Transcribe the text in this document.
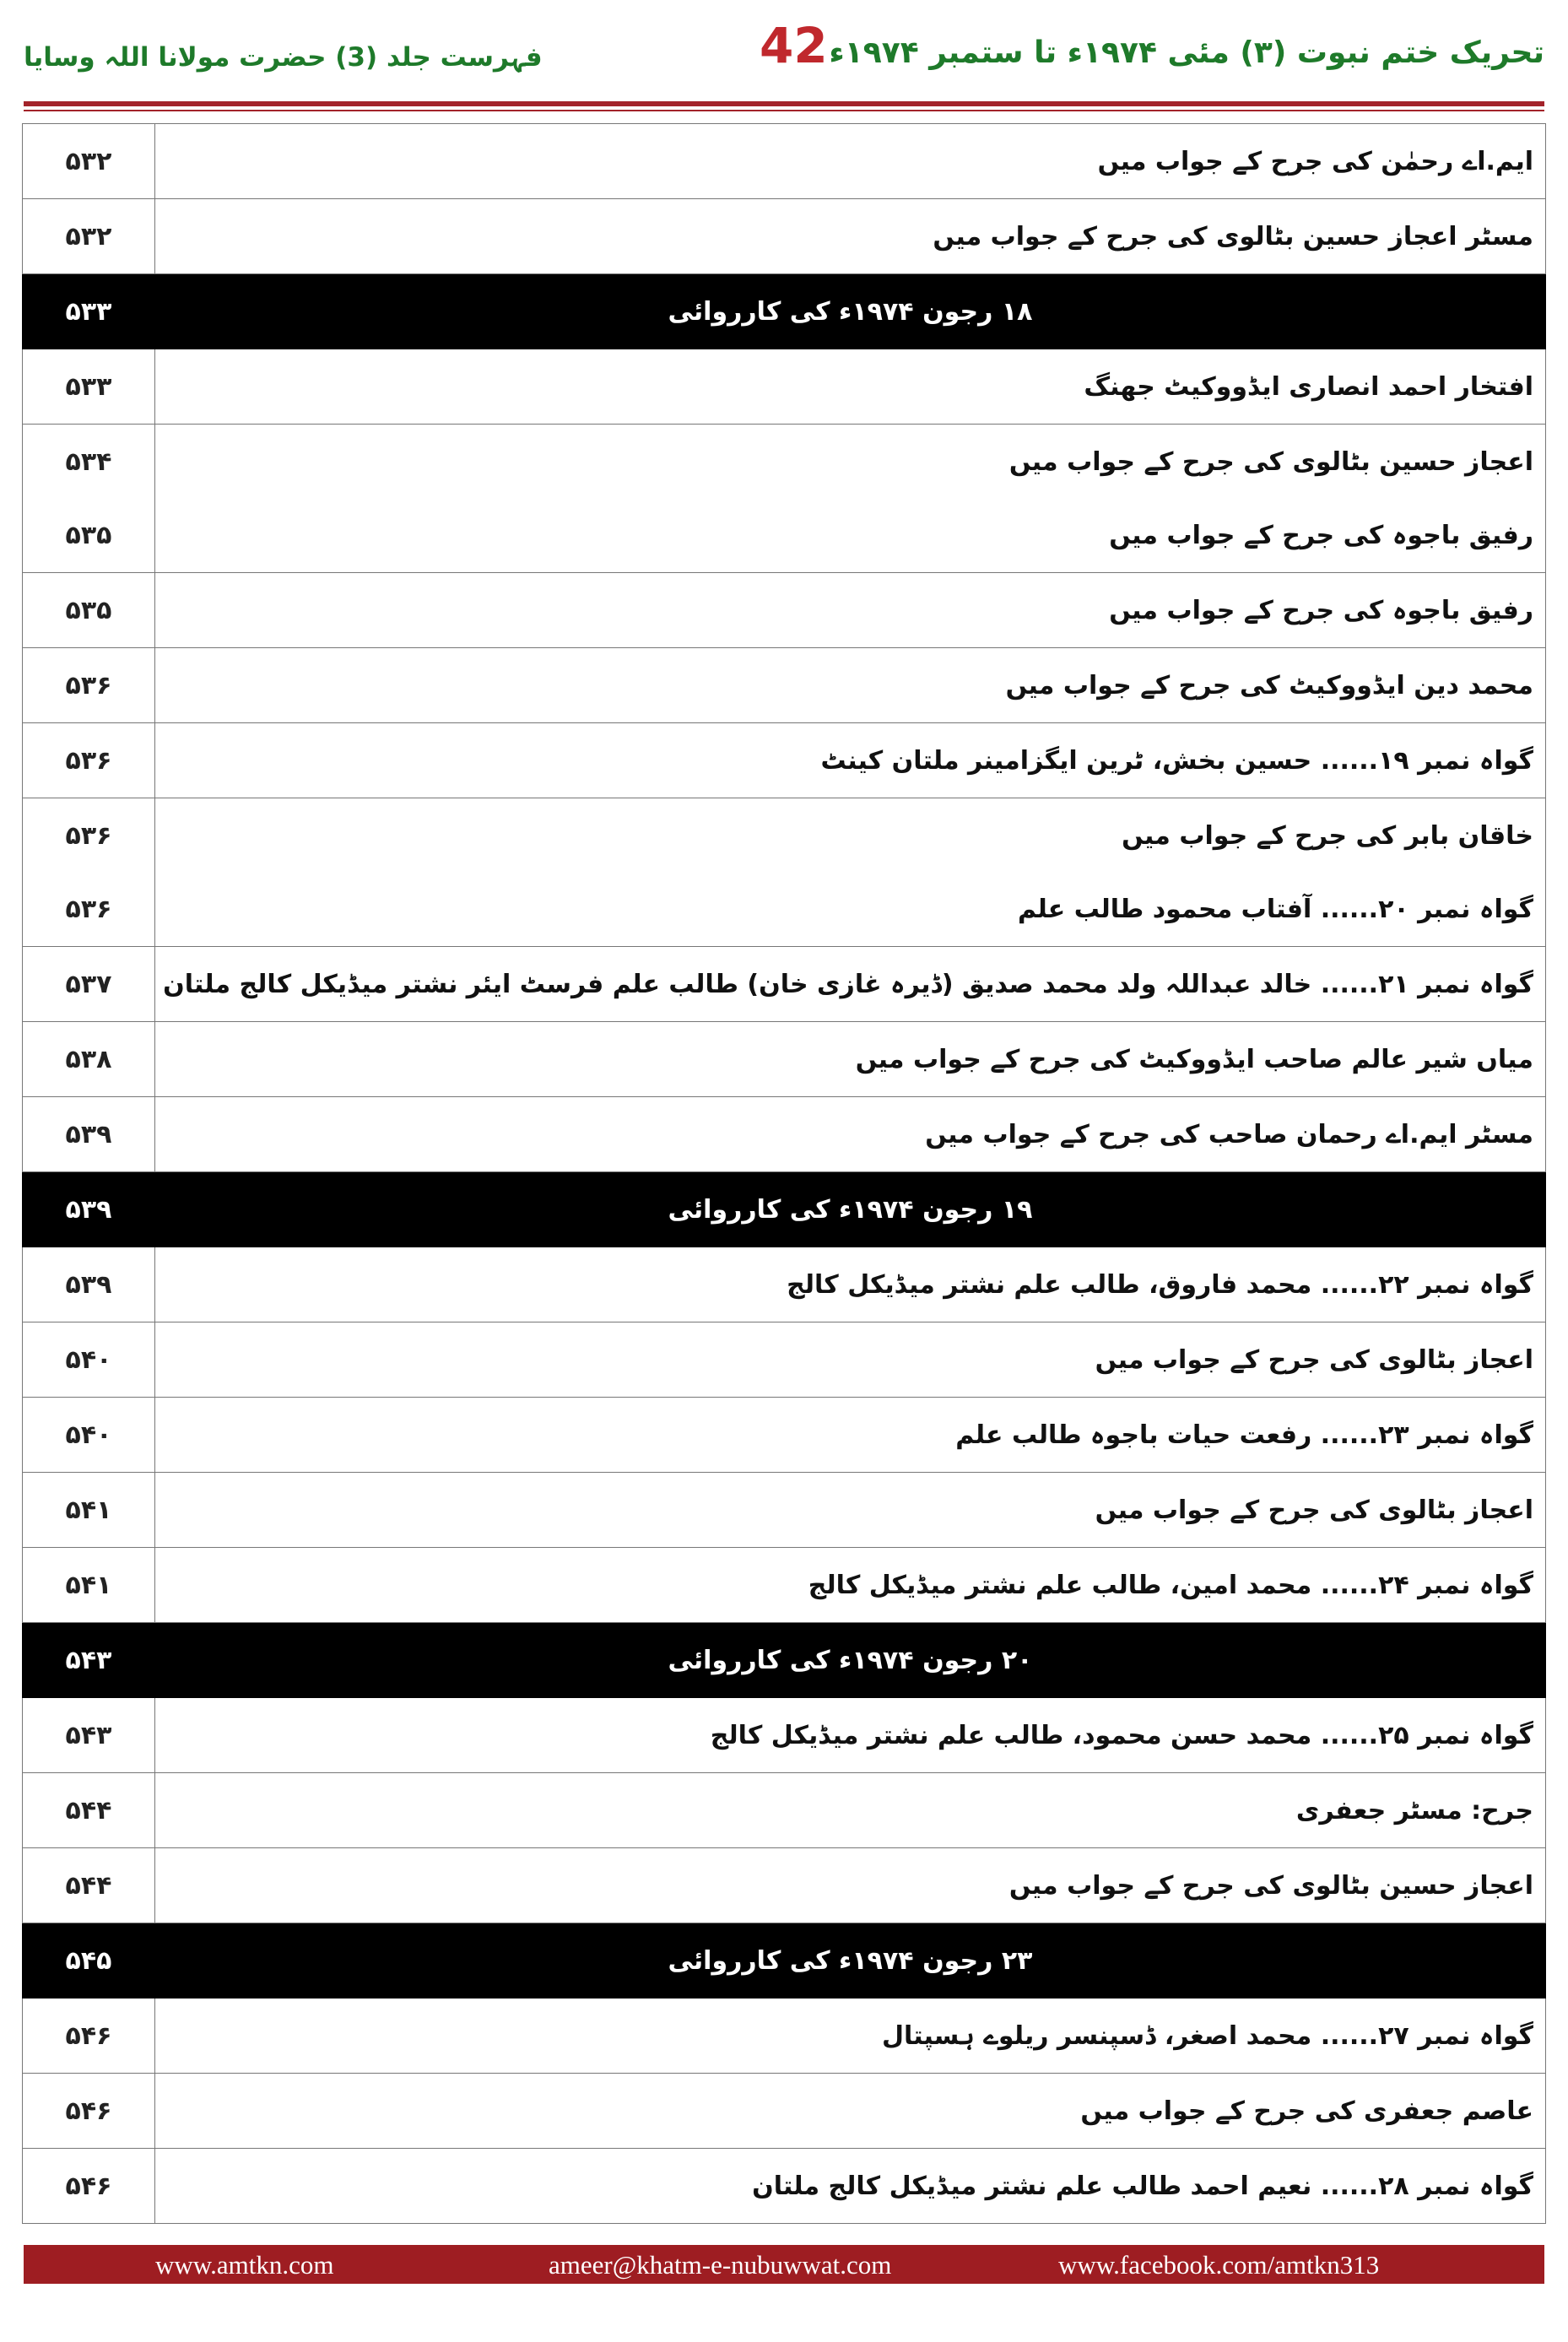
تحریک ختم نبوت (۳) مئی ۱۹۷۴ء تا ستمبر ۱۹۷۴ء
42
فہرست جلد (3) حضرت مولانا اللہ وسایا
۵۳۲	ایم.اے رحمٰن کی جرح کے جواب میں
۵۳۲	مسٹر اعجاز حسین بٹالوی کی جرح کے جواب میں
۵۳۳	۱۸ رجون ۱۹۷۴ء کی کارروائی
۵۳۳	افتخار احمد انصاری ایڈووکیٹ جھنگ
۵۳۴	اعجاز حسین بٹالوی کی جرح کے جواب میں
۵۳۵	رفیق باجوہ کی جرح کے جواب میں
۵۳۵	رفیق باجوہ کی جرح کے جواب میں
۵۳۶	محمد دین ایڈووکیٹ کی جرح کے جواب میں
۵۳۶	گواہ نمبر ۱۹...... حسین بخش، ٹرین ایگزامینر ملتان کینٹ
۵۳۶	خاقان بابر کی جرح کے جواب میں
۵۳۶	گواہ نمبر ۲۰...... آفتاب محمود طالب علم
۵۳۷	گواہ نمبر ۲۱...... خالد عبداللہ ولد محمد صدیق (ڈیرہ غازی خان) طالب علم فرسٹ ایئر نشتر میڈیکل کالج ملتان
۵۳۸	میاں شیر عالم صاحب ایڈووکیٹ کی جرح کے جواب میں
۵۳۹	مسٹر ایم.اے رحمان صاحب کی جرح کے جواب میں
۵۳۹	۱۹ رجون ۱۹۷۴ء کی کارروائی
۵۳۹	گواہ نمبر ۲۲...... محمد فاروق، طالب علم نشتر میڈیکل کالج
۵۴۰	اعجاز بٹالوی کی جرح کے جواب میں
۵۴۰	گواہ نمبر ۲۳...... رفعت حیات باجوہ طالب علم
۵۴۱	اعجاز بٹالوی کی جرح کے جواب میں
۵۴۱	گواہ نمبر ۲۴...... محمد امین، طالب علم نشتر میڈیکل کالج
۵۴۳	۲۰ رجون ۱۹۷۴ء کی کارروائی
۵۴۳	گواہ نمبر ۲۵...... محمد حسن محمود، طالب علم نشتر میڈیکل کالج
۵۴۴	جرح: مسٹر جعفری
۵۴۴	اعجاز حسین بٹالوی کی جرح کے جواب میں
۵۴۵	۲۳ رجون ۱۹۷۴ء کی کارروائی
۵۴۶	گواہ نمبر ۲۷...... محمد اصغر، ڈسپنسر ریلوے ہسپتال
۵۴۶	عاصم جعفری کی جرح کے جواب میں
۵۴۶	گواہ نمبر ۲۸...... نعیم احمد طالب علم نشتر میڈیکل کالج ملتان
www.amtkn.com	ameer@khatm-e-nubuwwat.com	www.facebook.com/amtkn313
